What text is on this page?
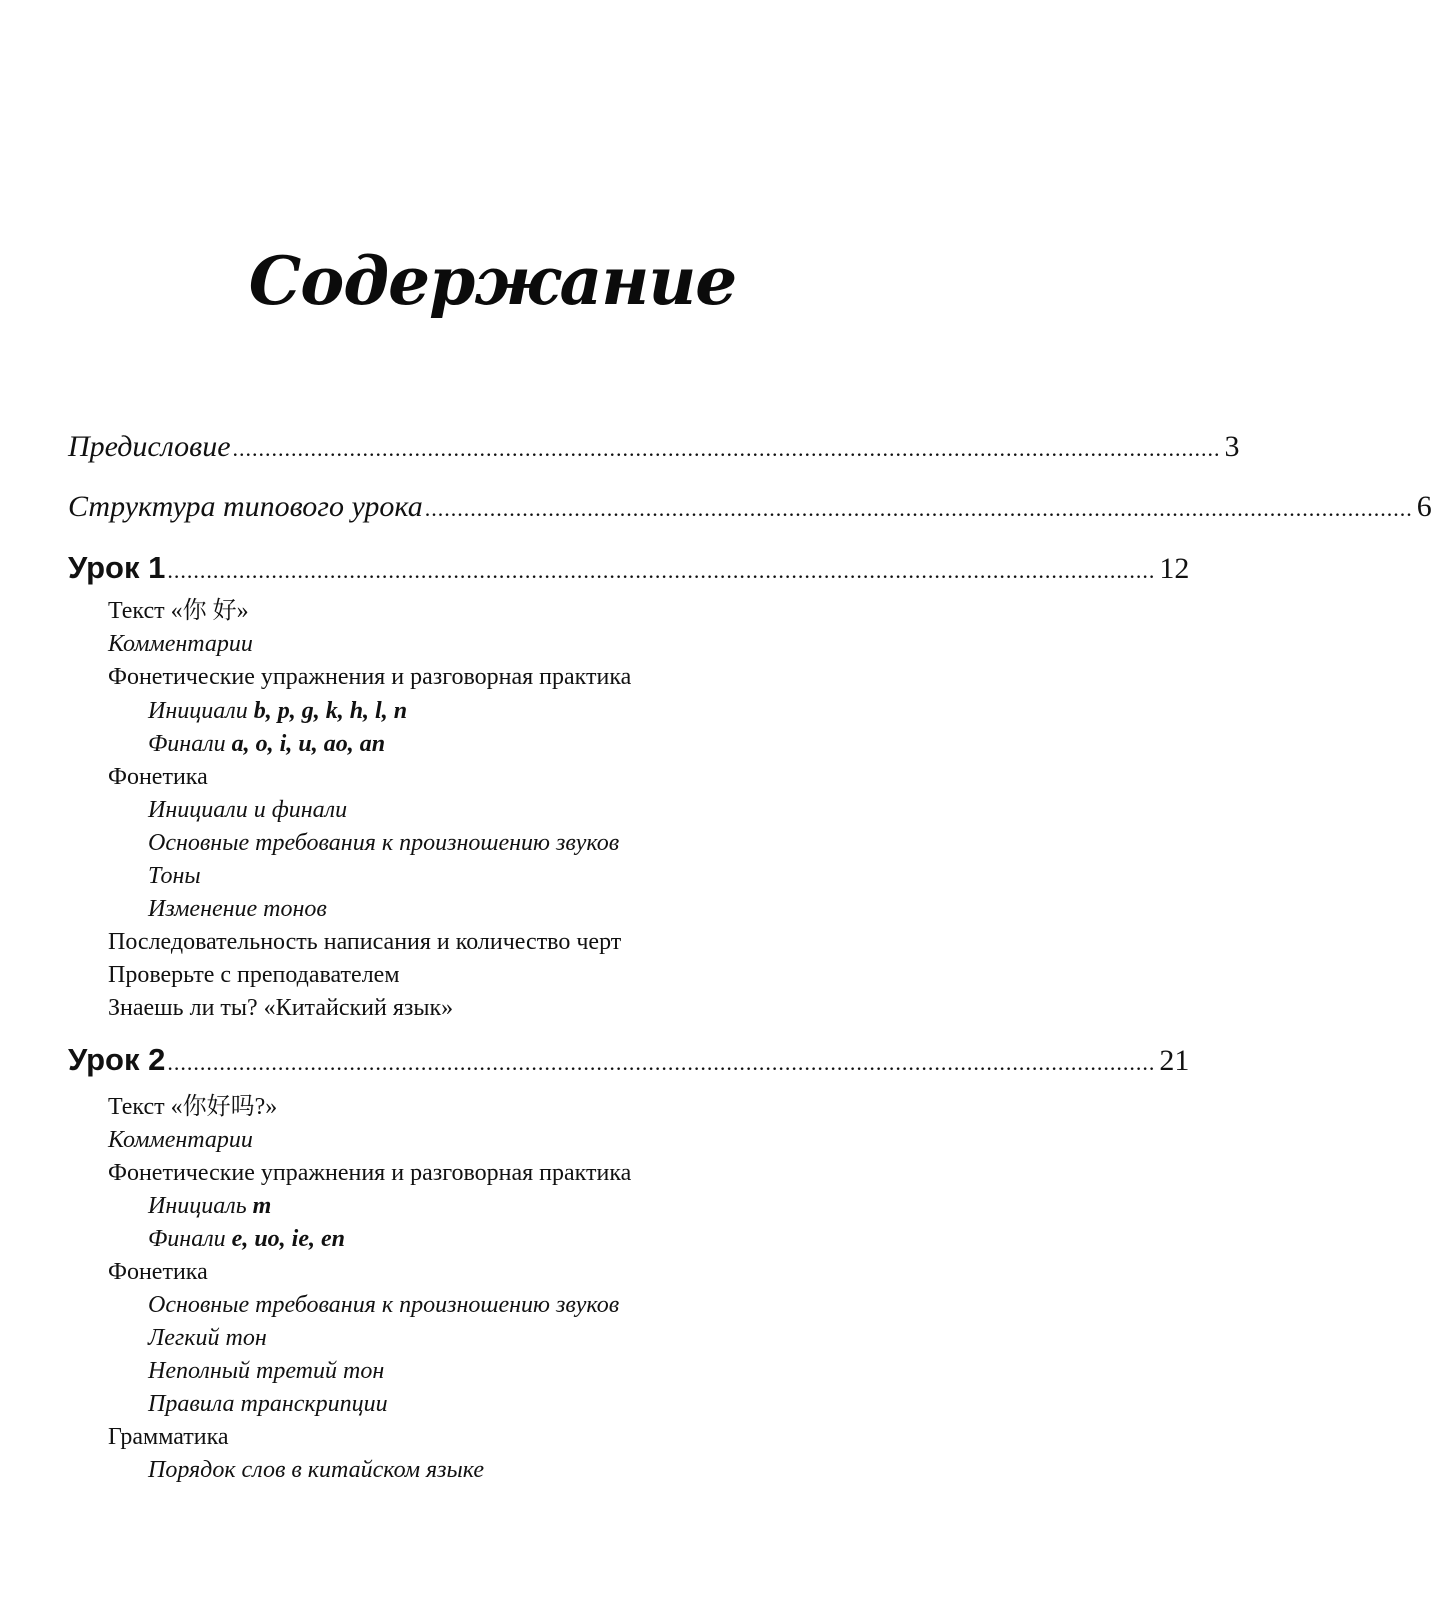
Содержание
Предисловие ........................................................................................................................................................ 3
Структура типового урока ........................................................................................................................................................ 6
Урок 1 ........................................................................................................................................................ 12
Текст «你 好»
Комментарии
Фонетические упражнения и разговорная практика
Инициали b, p, g, k, h, l, n
Финали a, o, i, u, ao, an
Фонетика
Инициали и финали
Основные требования к произношению звуков
Тоны
Изменение тонов
Последовательность написания и количество черт
Проверьте с преподавателем
Знаешь ли ты? «Китайский язык»
Урок 2 ........................................................................................................................................................ 21
Текст «你好吗?»
Комментарии
Фонетические упражнения и разговорная практика
Инициаль m
Финали e, uo, ie, en
Фонетика
Основные требования к произношению звуков
Легкий тон
Неполный третий тон
Правила транскрипции
Грамматика
Порядок слов в китайском языке
